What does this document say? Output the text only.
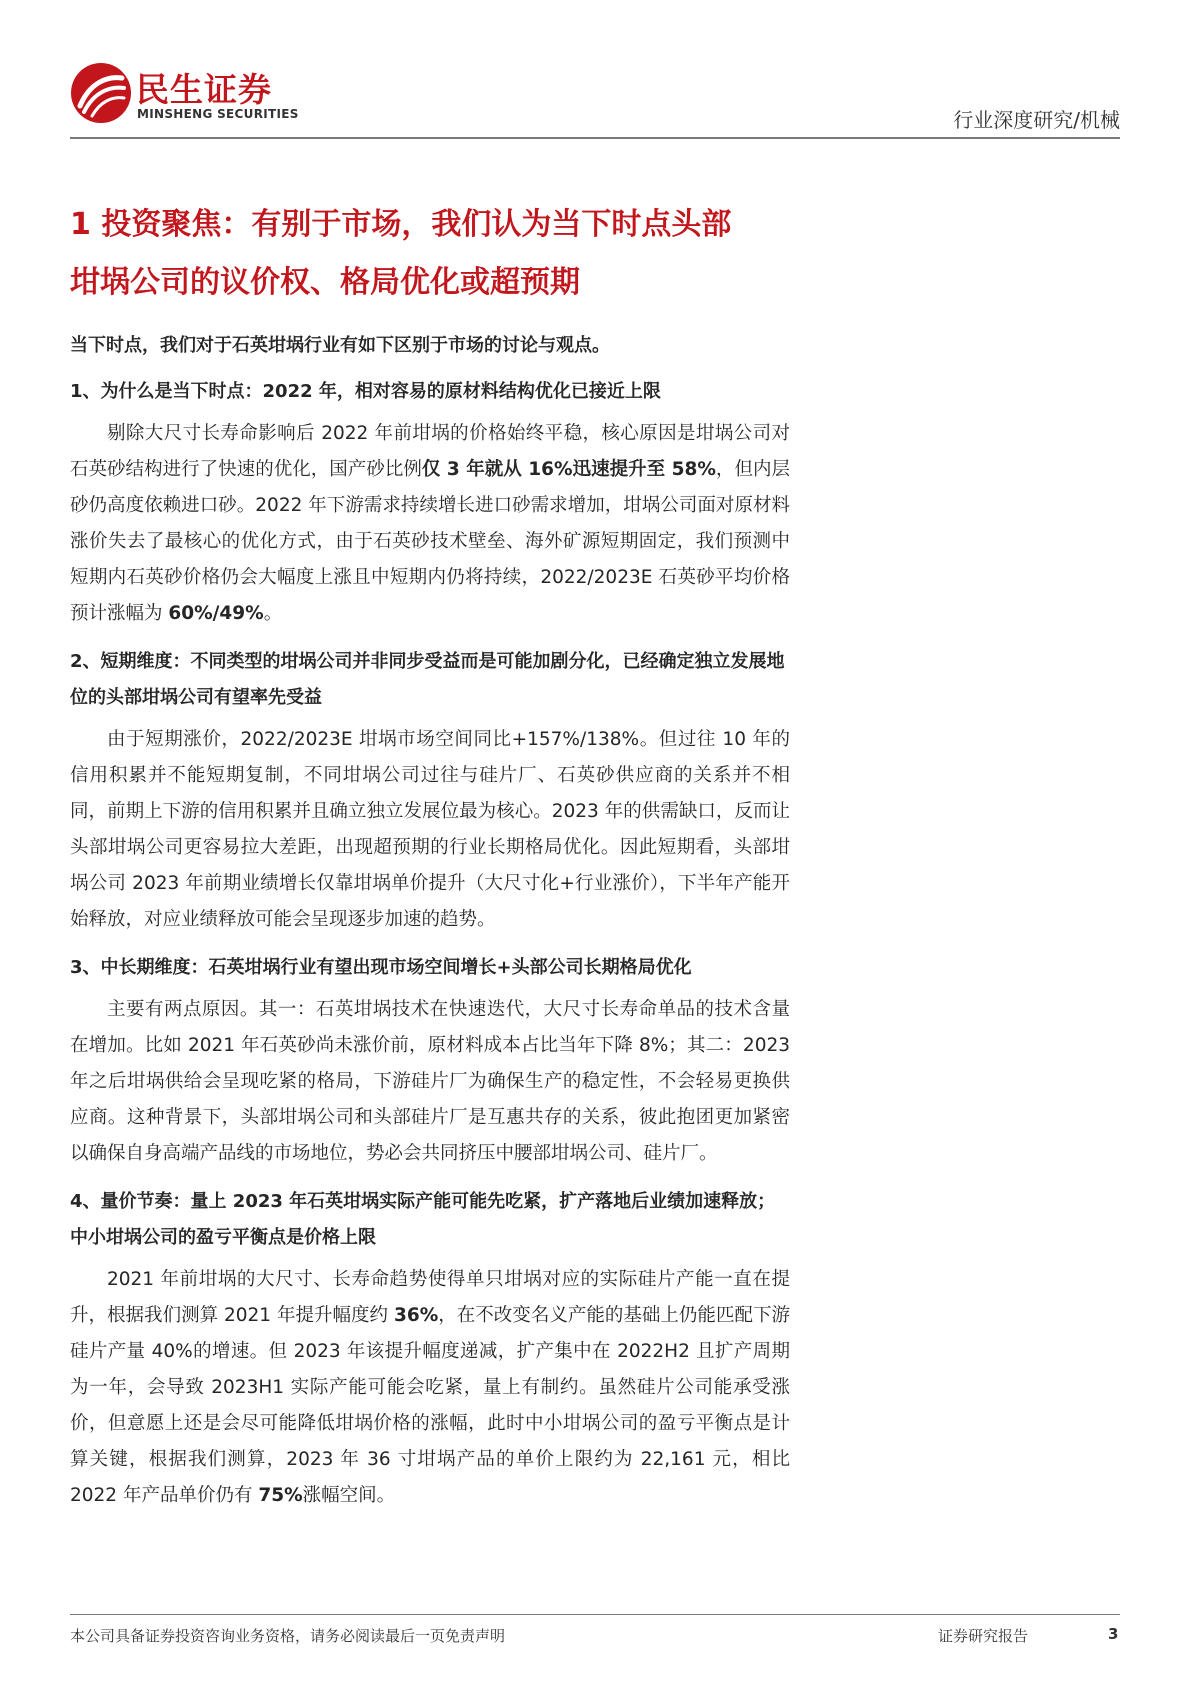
民生证券
MINSHENG SECURITIES	行业深度研究/机械
1 投资聚焦：有别于市场，我们认为当下时点头部
坩埚公司的议价权、格局优化或超预期

当下时点，我们对于石英坩埚行业有如下区别于市场的讨论与观点。

1、为什么是当下时点：2022 年，相对容易的原材料结构优化已接近上限

剔除大尺寸长寿命影响后 2022 年前坩埚的价格始终平稳，核心原因是坩埚公司对石英砂结构进行了快速的优化，国产砂比例仅 3 年就从 16%迅速提升至 58%，但内层砂仍高度依赖进口砂。2022 年下游需求持续增长进口砂需求增加，坩埚公司面对原材料涨价失去了最核心的优化方式，由于石英砂技术壁垒、海外矿源短期固定，我们预测中短期内石英砂价格仍会大幅度上涨且中短期内仍将持续，2022/2023E 石英砂平均价格预计涨幅为 60%/49%。

2、短期维度：不同类型的坩埚公司并非同步受益而是可能加剧分化，已经确定独立发展地位的头部坩埚公司有望率先受益

由于短期涨价，2022/2023E 坩埚市场空间同比+157%/138%。但过往 10 年的信用积累并不能短期复制，不同坩埚公司过往与硅片厂、石英砂供应商的关系并不相同，前期上下游的信用积累并且确立独立发展位最为核心。2023 年的供需缺口，反而让头部坩埚公司更容易拉大差距，出现超预期的行业长期格局优化。因此短期看，头部坩埚公司 2023 年前期业绩增长仅靠坩埚单价提升（大尺寸化+行业涨价），下半年产能开始释放，对应业绩释放可能会呈现逐步加速的趋势。

3、中长期维度：石英坩埚行业有望出现市场空间增长+头部公司长期格局优化

主要有两点原因。其一：石英坩埚技术在快速迭代，大尺寸长寿命单品的技术含量在增加。比如 2021 年石英砂尚未涨价前，原材料成本占比当年下降 8%；其二：2023 年之后坩埚供给会呈现吃紧的格局，下游硅片厂为确保生产的稳定性，不会轻易更换供应商。这种背景下，头部坩埚公司和头部硅片厂是互惠共存的关系，彼此抱团更加紧密以确保自身高端产品线的市场地位，势必会共同挤压中腰部坩埚公司、硅片厂。

4、量价节奏：量上 2023 年石英坩埚实际产能可能先吃紧，扩产落地后业绩加速释放；中小坩埚公司的盈亏平衡点是价格上限

2021 年前坩埚的大尺寸、长寿命趋势使得单只坩埚对应的实际硅片产能一直在提升，根据我们测算 2021 年提升幅度约 36%，在不改变名义产能的基础上仍能匹配下游硅片产量 40%的增速。但 2023 年该提升幅度递减，扩产集中在 2022H2 且扩产周期为一年，会导致 2023H1 实际产能可能会吃紧，量上有制约。虽然硅片公司能承受涨价，但意愿上还是会尽可能降低坩埚价格的涨幅，此时中小坩埚公司的盈亏平衡点是计算关键，根据我们测算，2023 年 36 寸坩埚产品的单价上限约为 22,161 元，相比 2022 年产品单价仍有 75%涨幅空间。

本公司具备证券投资咨询业务资格，请务必阅读最后一页免责声明	证券研究报告	3
